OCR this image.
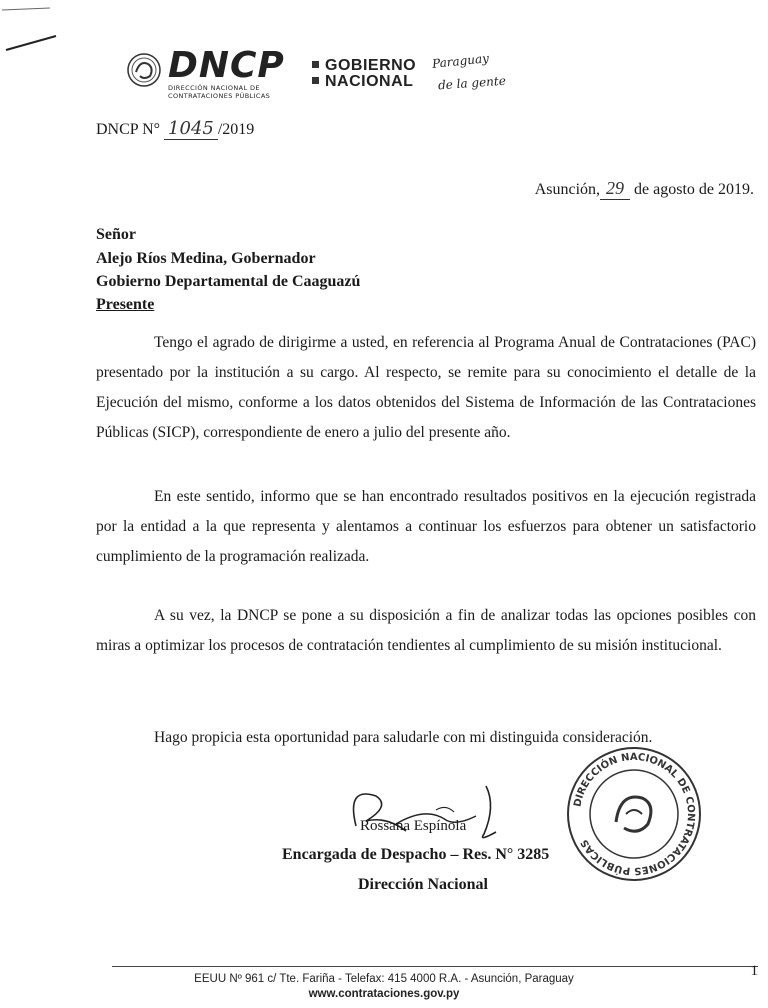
DNCP
DIRECCIÓN NACIONAL DE
CONTRATACIONES PÚBLICAS
GOBIERNO
NACIONAL
Paraguay
de la gente
DNCP N° 1045 /2019
Asunción, 29 de agosto de 2019.
Señor
Alejo Ríos Medina, Gobernador
Gobierno Departamental de Caaguazú
Presente
Tengo el agrado de dirigirme a usted, en referencia al Programa Anual de Contrataciones (PAC) presentado por la institución a su cargo. Al respecto, se remite para su conocimiento el detalle de la Ejecución del mismo, conforme a los datos obtenidos del Sistema de Información de las Contrataciones Públicas (SICP), correspondiente de enero a julio del presente año.
En este sentido, informo que se han encontrado resultados positivos en la ejecución registrada por la entidad a la que representa y alentamos a continuar los esfuerzos para obtener un satisfactorio cumplimiento de la programación realizada.
A su vez, la DNCP se pone a su disposición a fin de analizar todas las opciones posibles con miras a optimizar los procesos de contratación tendientes al cumplimiento de su misión institucional.
Hago propicia esta oportunidad para saludarle con mi distinguida consideración.
Rossana Espínola
Encargada de Despacho – Res. N° 3285
Dirección Nacional
DIRECCIÓN NACIONAL DE CONTRATACIONES PÚBLICAS
1
EEUU Nº 961 c/ Tte. Fariña - Telefax: 415 4000 R.A. - Asunción, Paraguay
www.contrataciones.gov.py
